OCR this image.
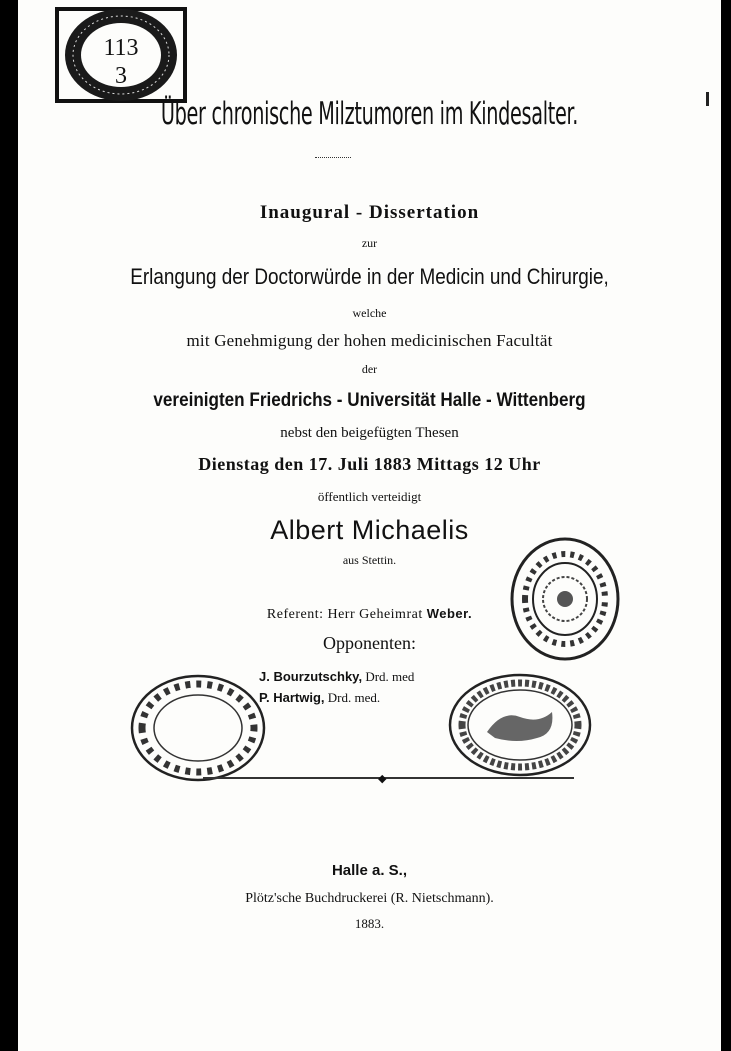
113
3
Über chronische Milztumoren im Kindesalter.
Inaugural - Dissertation
zur
Erlangung der Doctorwürde in der Medicin und Chirurgie,
welche
mit Genehmigung der hohen medicinischen Facultät
der
vereinigten Friedrichs - Universität Halle - Wittenberg
nebst den beigefügten Thesen
Dienstag den 17. Juli 1883 Mittags 12 Uhr
öffentlich verteidigt
Albert Michaelis
aus Stettin.
Referent: Herr Geheimrat Weber.
Opponenten:
J. Bourzutschky, Drd. med
P. Hartwig, Drd. med.
◆
Halle a. S.,
Plötz'sche Buchdruckerei (R. Nietschmann).
1883.
